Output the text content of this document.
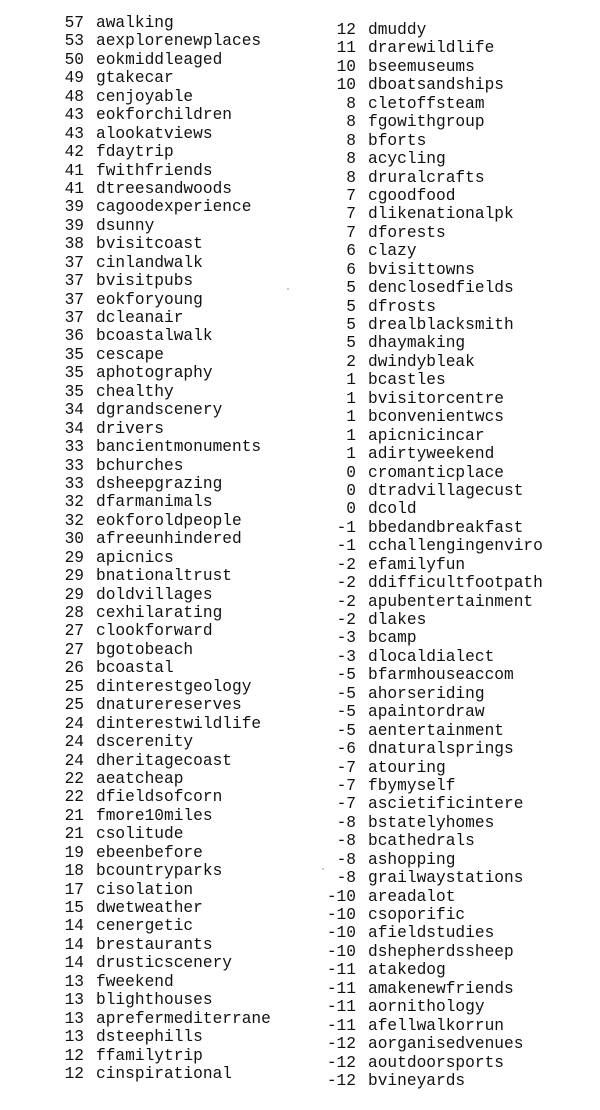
57 awalking
53 aexplorenewplaces
50 eokmiddleaged
49 gtakecar
48 cenjoyable
43 eokforchildren
43 alookatviews
42 fdaytrip
41 fwithfriends
41 dtreesandwoods
39 cagoodexperience
39 dsunny
38 bvisitcoast
37 cinlandwalk
37 bvisitpubs
37 eokforyoung
37 dcleanair
36 bcoastalwalk
35 cescape
35 aphotography
35 chealthy
34 dgrandscenery
34 drivers
33 bancientmonuments
33 bchurches
33 dsheepgrazing
32 dfarmanimals
32 eokforoldpeople
30 afreeunhindered
29 apicnics
29 bnationaltrust
29 doldvillages
28 cexhilarating
27 clookforward
27 bgotobeach
26 bcoastal
25 dinterestgeology
25 dnaturereserves
24 dinterestwildlife
24 dscerenity
24 dheritagecoast
22 aeatcheap
22 dfieldsofcorn
21 fmore10miles
21 csolitude
19 ebeenbefore
18 bcountryparks
17 cisolation
15 dwetweather
14 cenergetic
14 brestaurants
14 drusticscenery
13 fweekend
13 blighthouses
13 aprefermediterrane
13 dsteephills
12 ffamilytrip
12 cinspirational
12 dmuddy
11 drarewildlife
10 bseemuseums
10 dboatsandships
8 cletoffsteam
8 fgowithgroup
8 bforts
8 acycling
8 druralcrafts
7 cgoodfood
7 dlikenationalpk
7 dforests
6 clazy
6 bvisittowns
5 denclosedfields
5 dfrosts
5 drealblacksmith
5 dhaymaking
2 dwindybleak
1 bcastles
1 bvisitorcentre
1 bconvenientwcs
1 apicnicincar
1 adirtyweekend
0 cromanticplace
0 dtradvillagecust
0 dcold
-1 bbedandbreakfast
-1 cchallengingenviro
-2 efamilyfun
-2 ddifficultfootpath
-2 apubentertainment
-2 dlakes
-3 bcamp
-3 dlocaldialect
-5 bfarmhouseaccom
-5 ahorseriding
-5 apaintordraw
-5 aentertainment
-6 dnaturalsprings
-7 atouring
-7 fbymyself
-7 ascietificintere
-8 bstatelyhomes
-8 bcathedrals
-8 ashopping
-8 grailwaystations
-10 areadalot
-10 csoporific
-10 afieldstudies
-10 dshepherdssheep
-11 atakedog
-11 amakenewfriends
-11 aornithology
-11 afellwalkorrun
-12 aorganisedvenues
-12 aoutdoorsports
-12 bvineyards
